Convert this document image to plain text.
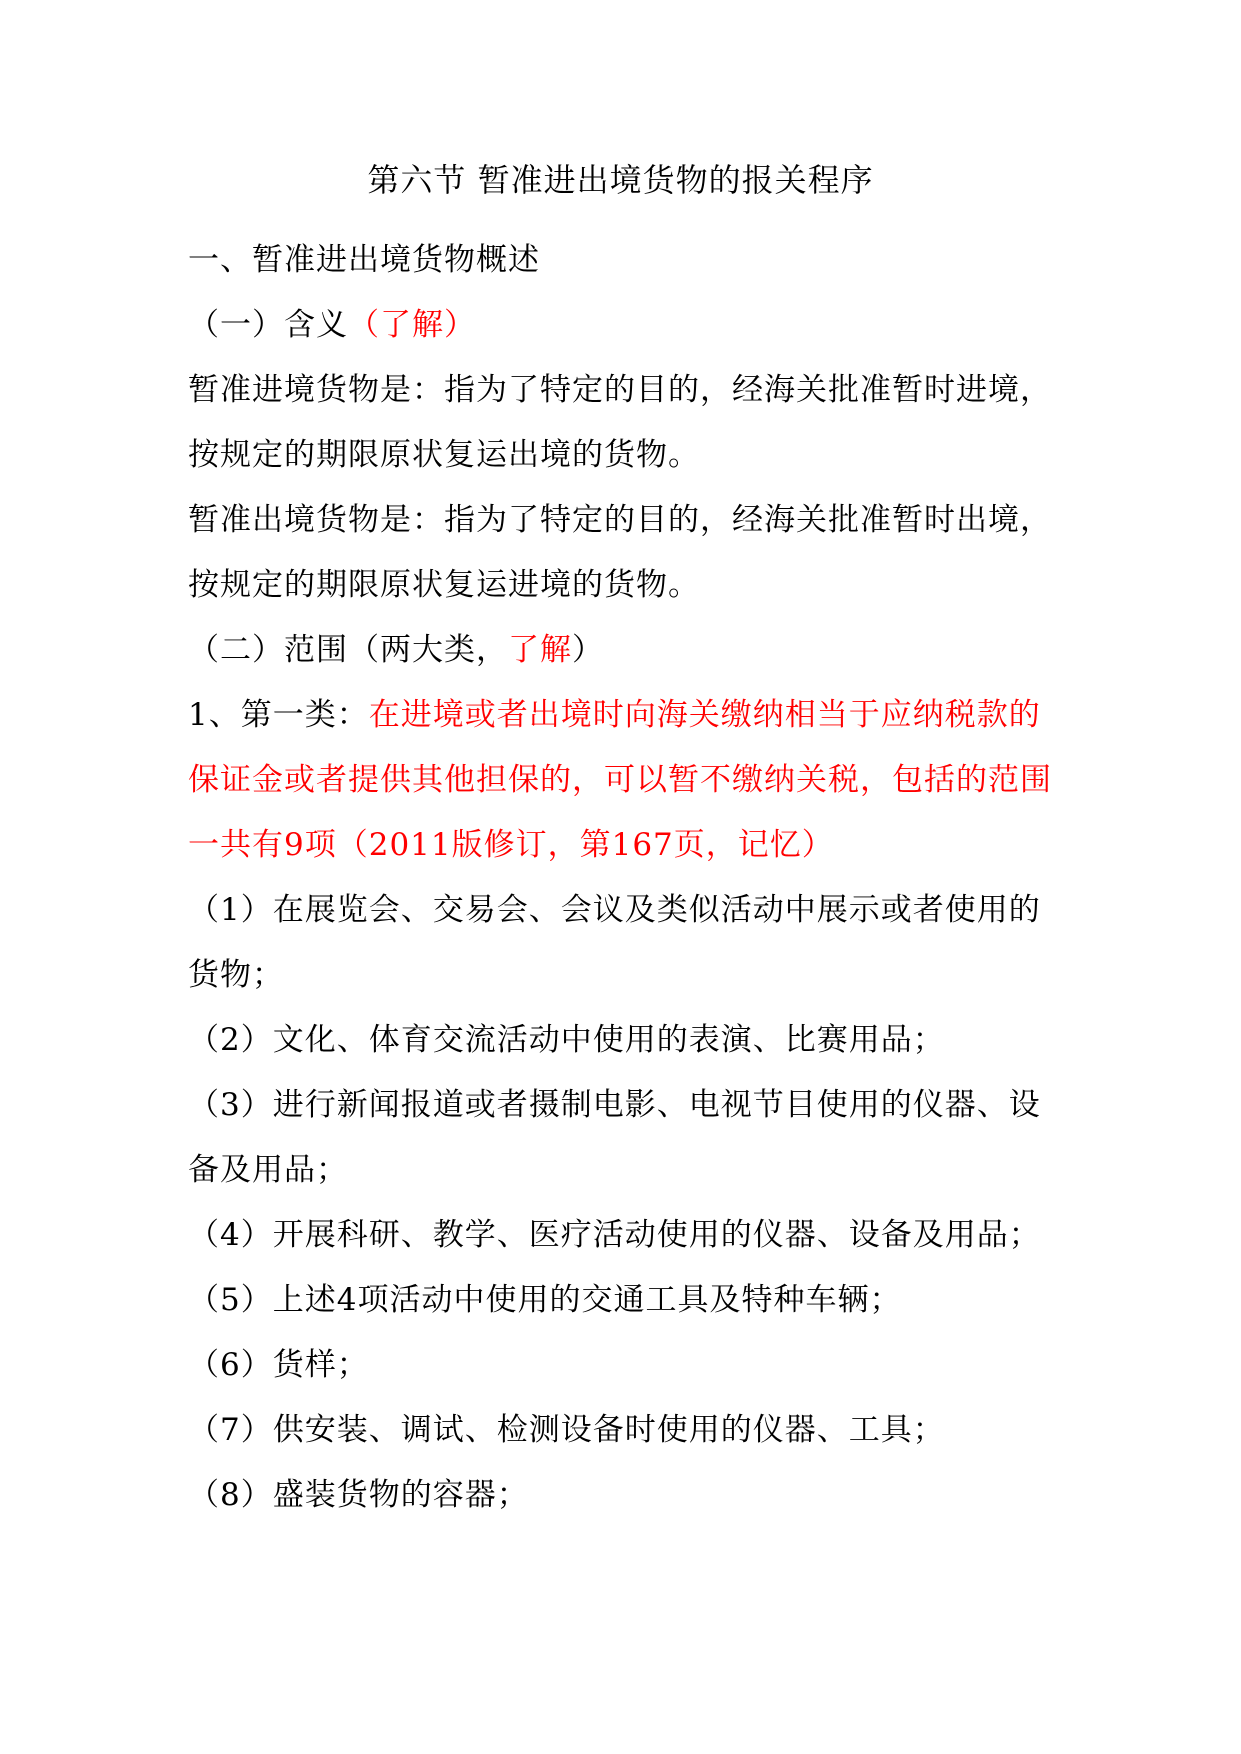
第六节 暂准进出境货物的报关程序

一、暂准进出境货物概述

（一）含义（了解）

暂准进境货物是：指为了特定的目的，经海关批准暂时进境，按规定的期限原状复运出境的货物。

暂准出境货物是：指为了特定的目的，经海关批准暂时出境，按规定的期限原状复运进境的货物。

（二）范围（两大类，了解）

1、第一类：在进境或者出境时向海关缴纳相当于应纳税款的保证金或者提供其他担保的，可以暂不缴纳关税，包括的范围一共有9项（2011版修订，第167页，记忆）

（1）在展览会、交易会、会议及类似活动中展示或者使用的货物；

（2）文化、体育交流活动中使用的表演、比赛用品；

（3）进行新闻报道或者摄制电影、电视节目使用的仪器、设备及用品；

（4）开展科研、教学、医疗活动使用的仪器、设备及用品；

（5）上述4项活动中使用的交通工具及特种车辆；

（6）货样；

（7）供安装、调试、检测设备时使用的仪器、工具；

（8）盛装货物的容器；
